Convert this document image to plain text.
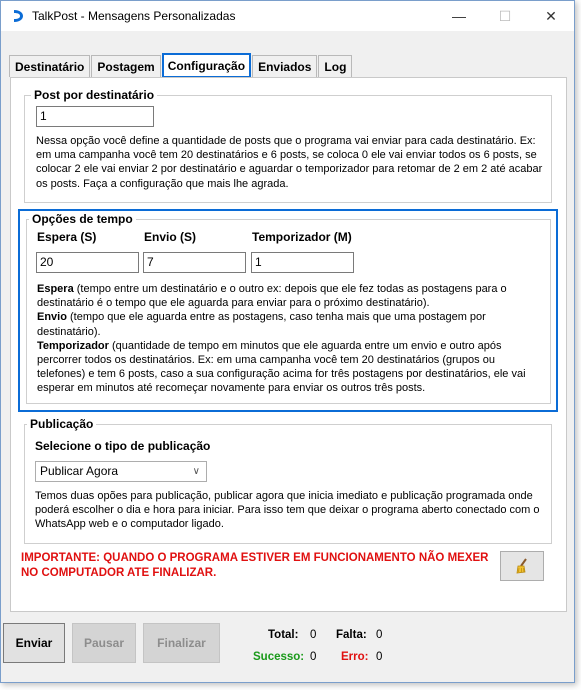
TalkPost - Mensagens Personalizadas	—	☐	✕
Destinatário	Postagem	Configuração	Enviados	Log
Post por destinatário
1
Nessa opção você define a quantidade de posts que o programa vai enviar para cada destinatário. Ex: em uma campanha você tem 20 destinatários e 6 posts, se coloca 0 ele vai enviar todos os 6 posts, se colocar 2 ele vai enviar 2 por destinatário e aguardar o temporizador para retomar de 2 em 2 até acabar os posts. Faça a configuração que mais lhe agrada.
Opções de tempo
Espera (S)	Envio (S)	Temporizador (M)
20	7	1
Espera (tempo entre um destinatário e o outro ex: depois que ele fez todas as postagens para o destinatário é o tempo que ele aguarda para enviar para o próximo destinatário).
Envio (tempo que ele aguarda entre as postagens, caso tenha mais que uma postagem por destinatário).
Temporizador (quantidade de tempo em minutos que ele aguarda entre um envio e outro após percorrer todos os destinatários. Ex: em uma campanha você tem 20 destinatários (grupos ou telefones) e tem 6 posts, caso a sua configuração acima for três postagens por destinatários, ele vai esperar em minutos até recomeçar novamente para enviar os outros três posts.
Publicação
Selecione o tipo de publicação
Publicar Agora	∨
Temos duas opões para publicação, publicar agora que inicia imediato e publicação programada onde poderá escolher o dia e hora para iniciar. Para isso tem que deixar o programa aberto conectado com o WhatsApp web e o computador ligado.
IMPORTANTE: QUANDO O PROGRAMA ESTIVER EM FUNCIONAMENTO NÃO MEXER NO COMPUTADOR ATE FINALIZAR.
Enviar	Pausar	Finalizar
Total: 0 Falta: 0
Sucesso: 0 Erro: 0
